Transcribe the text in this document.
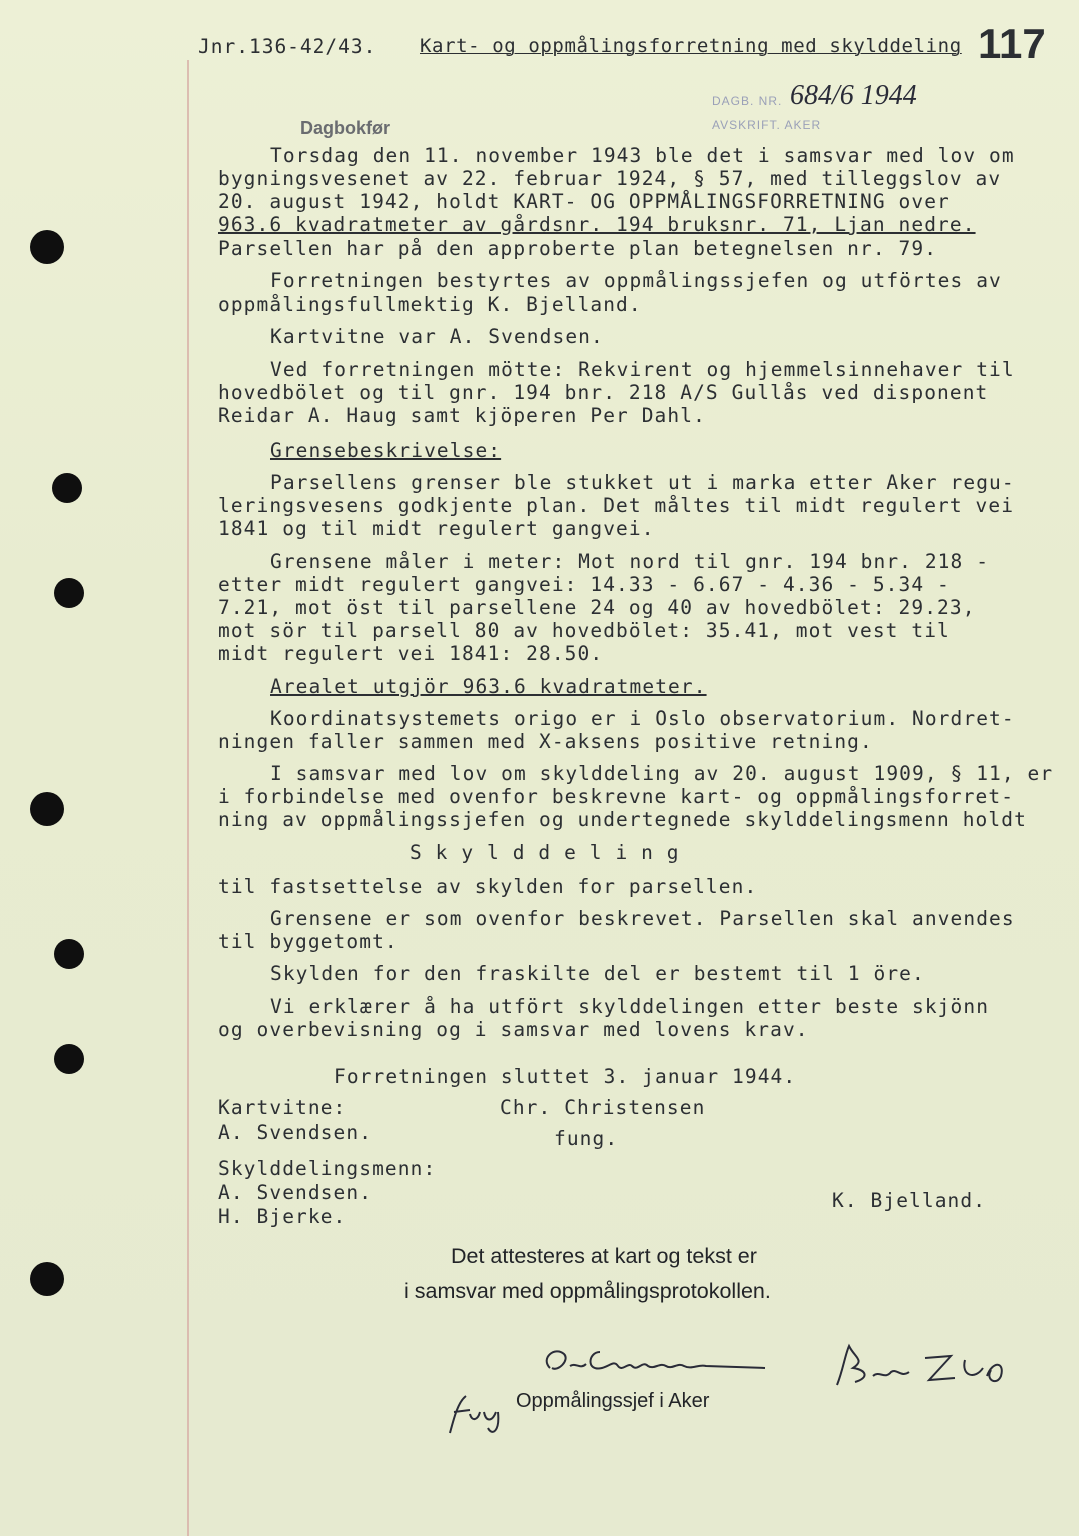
Jnr.136-42/43. Kart- og oppmålingsforretning med skylddeling 117
Dagbokfør
DAGB. NR. 684/6 1944
AVSKRIFT. AKER
Torsdag den 11. november 1943 ble det i samsvar med lov om
bygningsvesenet av 22. februar 1924, § 57, med tilleggslov av
20. august 1942, holdt KART- OG OPPMÅLINGSFORRETNING over
963.6 kvadratmeter av gårdsnr. 194 bruksnr. 71, Ljan nedre.
Parsellen har på den approberte plan betegnelsen nr. 79.
Forretningen bestyrtes av oppmålingssjefen og utförtes av
oppmålingsfullmektig K. Bjelland.
Kartvitne var A. Svendsen.
Ved forretningen mötte: Rekvirent og hjemmelsinnehaver til
hovedbölet og til gnr. 194 bnr. 218 A/S Gullås ved disponent
Reidar A. Haug samt kjöperen Per Dahl.
Grensebeskrivelse:
Parsellens grenser ble stukket ut i marka etter Aker regu-
leringsvesens godkjente plan. Det måltes til midt regulert vei
1841 og til midt regulert gangvei.
Grensene måler i meter: Mot nord til gnr. 194 bnr. 218 -
etter midt regulert gangvei: 14.33 - 6.67 - 4.36 - 5.34 -
7.21, mot öst til parsellene 24 og 40 av hovedbölet: 29.23,
mot sör til parsell 80 av hovedbölet: 35.41, mot vest til
midt regulert vei 1841: 28.50.
Arealet utgjör 963.6 kvadratmeter.
Koordinatsystemets origo er i Oslo observatorium. Nordret-
ningen faller sammen med X-aksens positive retning.
I samsvar med lov om skylddeling av 20. august 1909, § 11, er
i forbindelse med ovenfor beskrevne kart- og oppmålingsforret-
ning av oppmålingssjefen og undertegnede skylddelingsmenn holdt
S k y l d d e l i n g
til fastsettelse av skylden for parsellen.
Grensene er som ovenfor beskrevet. Parsellen skal anvendes
til byggetomt.
Skylden for den fraskilte del er bestemt til 1 öre.
Vi erklærer å ha utfört skylddelingen etter beste skjönn
og overbevisning og i samsvar med lovens krav.
Forretningen sluttet 3. januar 1944.
Kartvitne:
A. Svendsen.
Chr. Christensen
fung.
Skylddelingsmenn:
A. Svendsen.
H. Bjerke.
K. Bjelland.
Det attesteres at kart og tekst er
i samsvar med oppmålingsprotokollen.
Oppmålingssjef i Aker
